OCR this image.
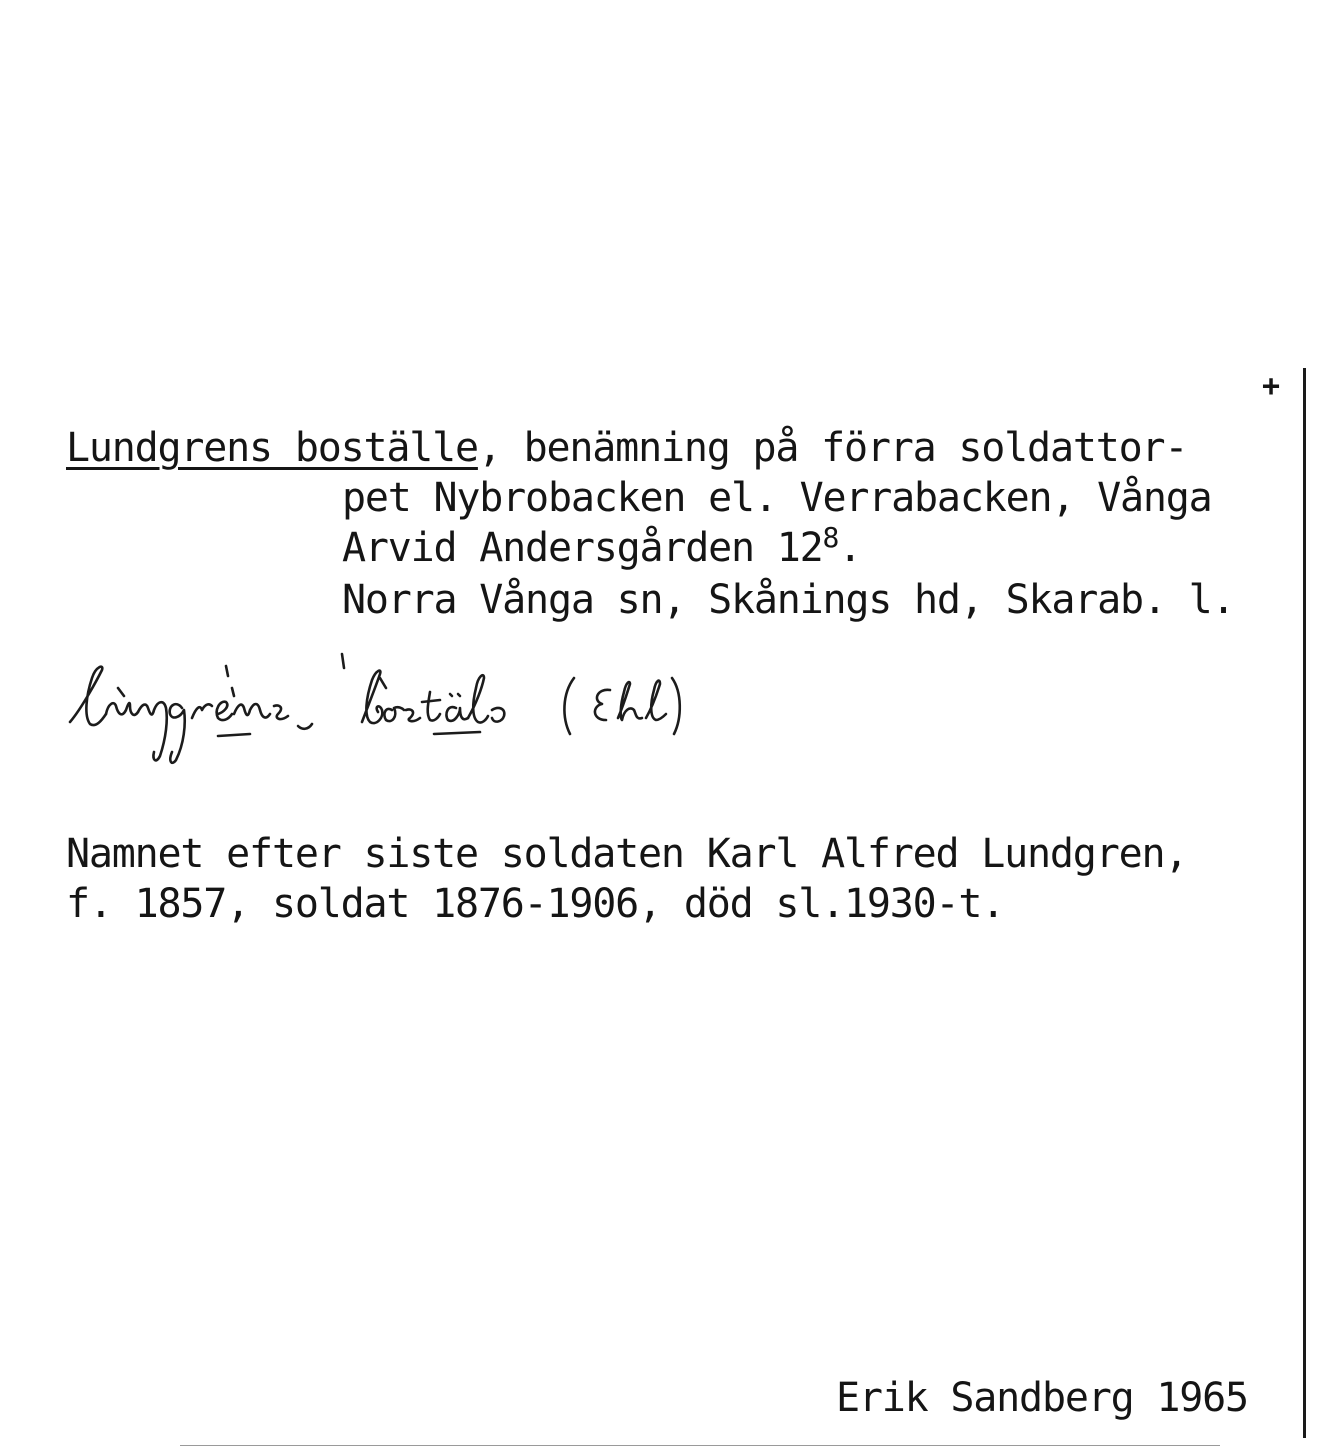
+
Lundgrens boställe, benämning på förra soldattor-
pet Nybrobacken el. Verrabacken, Vånga
Arvid Andersgården $12^8$.
Norra Vånga sn, Skånings hd, Skarab. l.
Namnet efter siste soldaten Karl Alfred Lundgren,
f. 1857, soldat 1876-1906, död sl.1930-t.
Erik Sandberg 1965
